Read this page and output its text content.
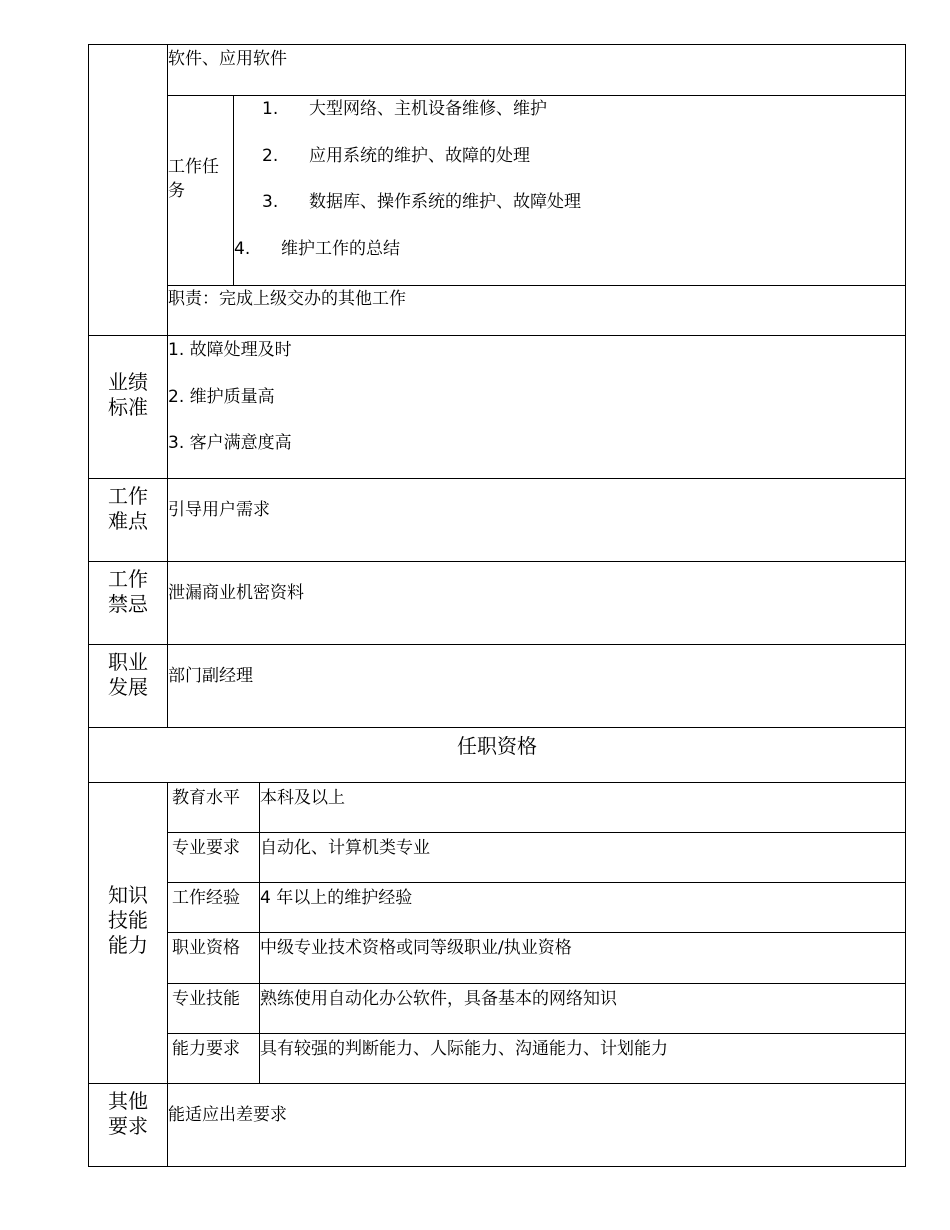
软件、应用软件
工作任务
1. 大型网络、主机设备维修、维护
2. 应用系统的维护、故障的处理
3. 数据库、操作系统的维护、故障处理
4. 维护工作的总结
职责：完成上级交办的其他工作
业绩标准
1. 故障处理及时
2. 维护质量高
3. 客户满意度高
工作难点 引导用户需求
工作禁忌 泄漏商业机密资料
职业发展 部门副经理
任职资格
知识技能能力
教育水平 本科及以上
专业要求 自动化、计算机类专业
工作经验 4 年以上的维护经验
职业资格 中级专业技术资格或同等级职业/执业资格
专业技能 熟练使用自动化办公软件，具备基本的网络知识
能力要求 具有较强的判断能力、人际能力、沟通能力、计划能力
其他要求 能适应出差要求
